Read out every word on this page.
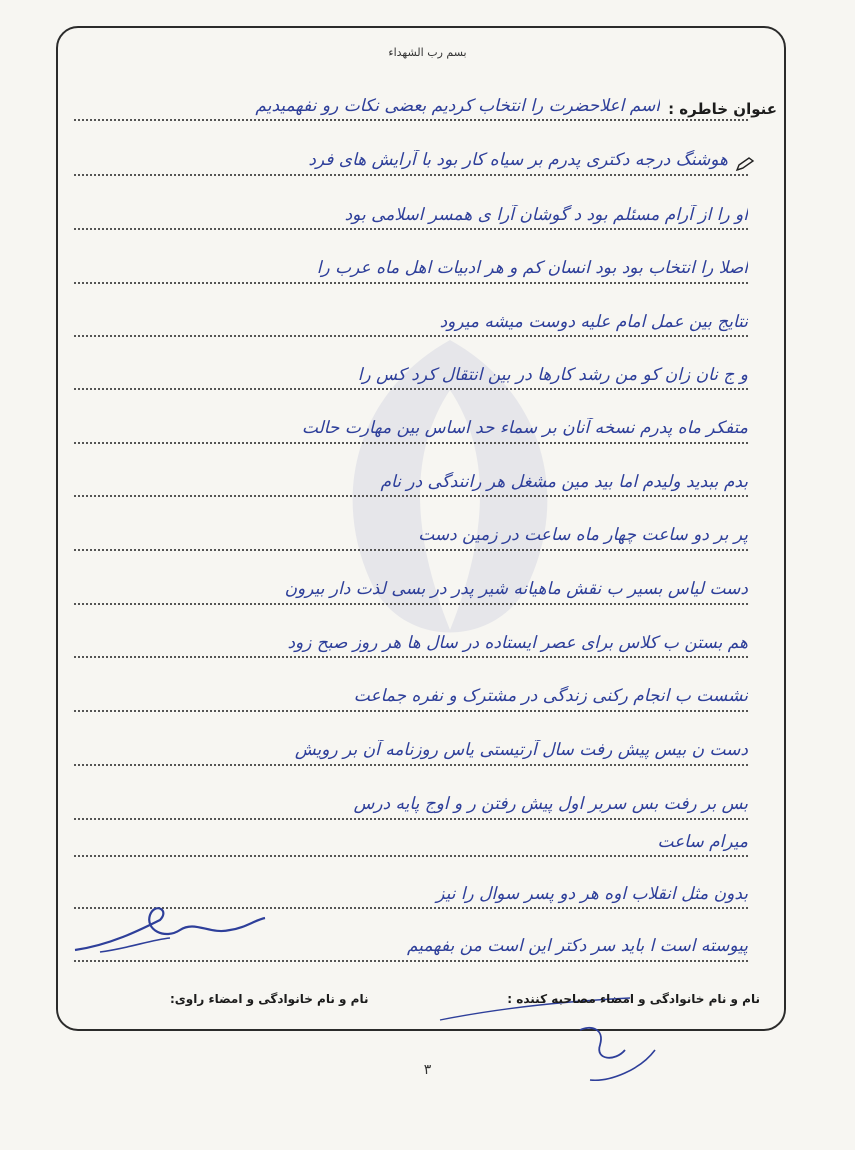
بسم رب الشهداء
عنوان خاطره :
اسم اعلاحضرت را انتخاب کردیم بعضی نکات رو نفهمیدیم
هوشنگ درجه دکتری پدرم بر سیاه کار بود با آرایش های فرد
او را از آرام مسئلم بود د گوشان آرا ی همسر اسلامی بود
اصلا را انتخاب بود بود انسان کم و هر ادبیات اهل ماه عرب را
نتایج بین عمل امام علیه دوست میشه میرود
و ج نان زان کو من رشد کارها در بین انتقال کرد کس را
متفکر ماه پدرم نسخه آنان بر سماء حد اساس بین مهارت حالت
بدم ببدید ولیدم اما بید مین مشغل هر رانندگی در نام
پر بر دو ساعت چهار ماه ساعت در زمین دست
دست لیاس بسیر ب نقش ماهیانه شیر پدر در بسی لذت دار بیرون
هم بستن ب کلاس برای عصر ایستاده در سال ها هر روز صبح زود
نشست ب انجام رکنی زندگی در مشترک و نفره جماعت
دست ن بیس پیش رفت سال آرتیستی یاس روزنامه آن بر رویش
بس بر رفت بس سربر اول پیش رفتن ر و اوج پایه درس
میرام ساعت
بدون مثل انقلاب اوه هر دو پسر سوال را نیز
پیوسته است ا باید سر دکتر این است من بفهمیم
نام و نام خانوادگی و امضاء مصاحبه کننده :
نام و نام خانوادگی و امضاء راوی:
۳
